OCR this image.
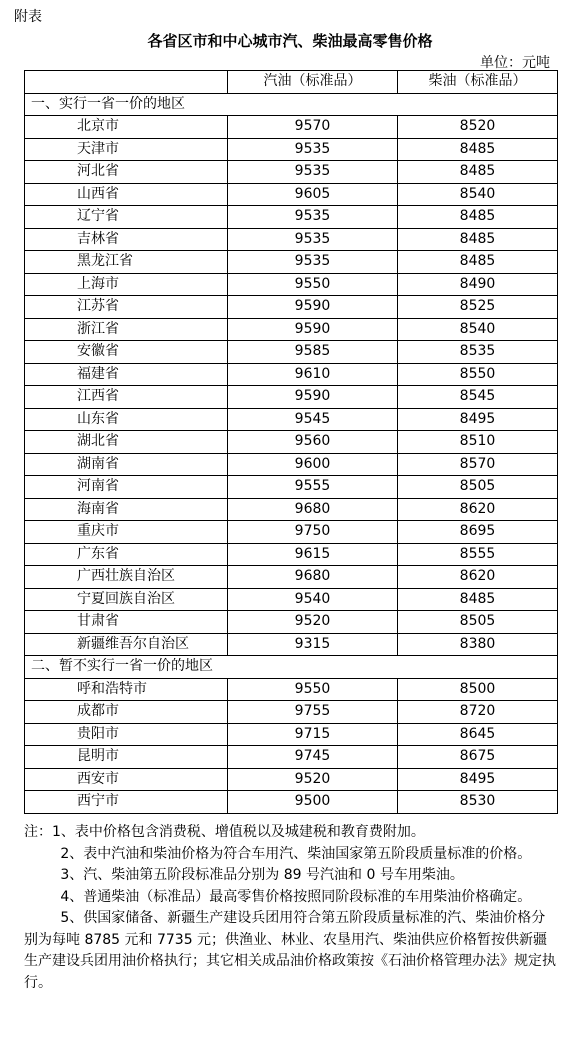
附表
各省区市和中心城市汽、柴油最高零售价格
单位：元吨
	汽油（标准品）	柴油（标准品）
一、实行一省一价的地区		
北京市	9570	8520
天津市	9535	8485
河北省	9535	8485
山西省	9605	8540
辽宁省	9535	8485
吉林省	9535	8485
黑龙江省	9535	8485
上海市	9550	8490
江苏省	9590	8525
浙江省	9590	8540
安徽省	9585	8535
福建省	9610	8550
江西省	9590	8545
山东省	9545	8495
湖北省	9560	8510
湖南省	9600	8570
河南省	9555	8505
海南省	9680	8620
重庆市	9750	8695
广东省	9615	8555
广西壮族自治区	9680	8620
宁夏回族自治区	9540	8485
甘肃省	9520	8505
新疆维吾尔自治区	9315	8380
二、暂不实行一省一价的地区		
呼和浩特市	9550	8500
成都市	9755	8720
贵阳市	9715	8645
昆明市	9745	8675
西安市	9520	8495
西宁市	9500	8530

注：1、表中价格包含消费税、增值税以及城建税和教育费附加。

2、表中汽油和柴油价格为符合车用汽、柴油国家第五阶段质量标准的价格。

3、汽、柴油第五阶段标准品分别为 89 号汽油和 0 号车用柴油。

4、普通柴油（标准品）最高零售价格按照同阶段标准的车用柴油价格确定。

5、供国家储备、新疆生产建设兵团用符合第五阶段质量标准的汽、柴油价格分别为每吨 8785 元和 7735 元；供渔业、林业、农垦用汽、柴油供应价格暂按供新疆生产建设兵团用油价格执行；其它相关成品油价格政策按《石油价格管理办法》规定执行。
